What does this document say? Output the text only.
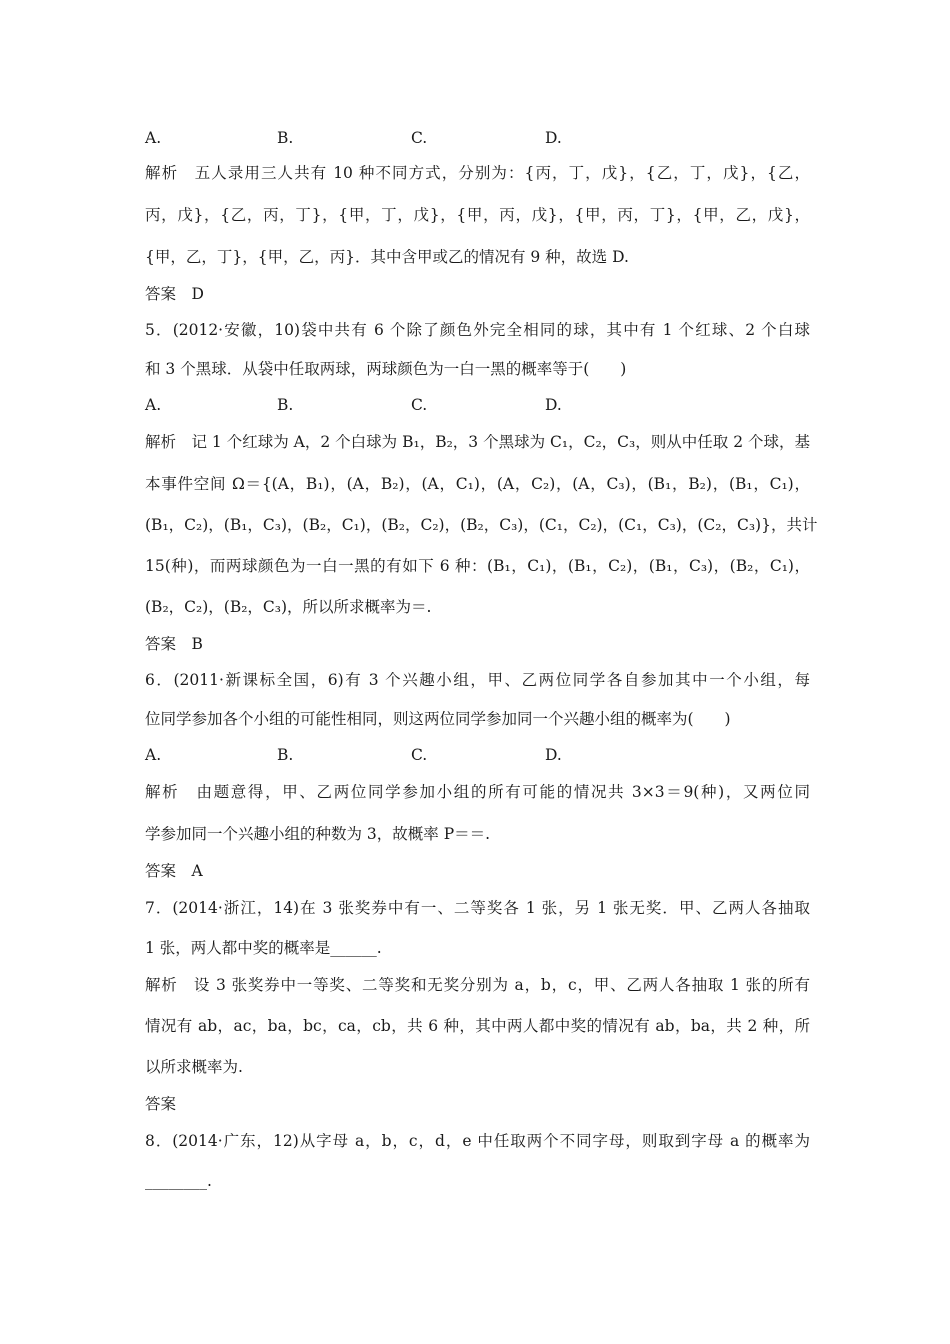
A.	B.	C.	D.
解析　五人录用三人共有 10 种不同方式，分别为：{丙，丁，戊}，{乙，丁，戊}，{乙，
丙，戊}，{乙，丙，丁}，{甲，丁，戊}，{甲，丙，戊}，{甲，丙，丁}，{甲，乙，戊}，
{甲，乙，丁}，{甲，乙，丙}．其中含甲或乙的情况有 9 种，故选 D.
答案　D
5．(2012·安徽，10)袋中共有 6 个除了颜色外完全相同的球，其中有 1 个红球、2 个白球
和 3 个黑球．从袋中任取两球，两球颜色为一白一黑的概率等于(　　)
A.	B.	C.	D.
解析　记 1 个红球为 A，2 个白球为 B₁，B₂，3 个黑球为 C₁，C₂，C₃，则从中任取 2 个球，基
本事件空间 Ω＝{(A，B₁)，(A，B₂)，(A，C₁)，(A，C₂)，(A，C₃)，(B₁，B₂)，(B₁，C₁)，
(B₁，C₂)，(B₁，C₃)，(B₂，C₁)，(B₂，C₂)，(B₂，C₃)，(C₁，C₂)，(C₁，C₃)，(C₂，C₃)}，共计
15(种)，而两球颜色为一白一黑的有如下 6 种：(B₁，C₁)，(B₁，C₂)，(B₁，C₃)，(B₂，C₁)，
(B₂，C₂)，(B₂，C₃)，所以所求概率为＝.
答案　B
6．(2011·新课标全国，6)有 3 个兴趣小组，甲、乙两位同学各自参加其中一个小组，每
位同学参加各个小组的可能性相同，则这两位同学参加同一个兴趣小组的概率为(　　)
A.	B.	C.	D.
解析　由题意得，甲、乙两位同学参加小组的所有可能的情况共 3×3＝9(种)，又两位同
学参加同一个兴趣小组的种数为 3，故概率 P＝＝.
答案　A
7．(2014·浙江，14)在 3 张奖券中有一、二等奖各 1 张，另 1 张无奖．甲、乙两人各抽取
1 张，两人都中奖的概率是______.
解析　设 3 张奖券中一等奖、二等奖和无奖分别为 a，b，c，甲、乙两人各抽取 1 张的所有
情况有 ab，ac，ba，bc，ca，cb，共 6 种，其中两人都中奖的情况有 ab，ba，共 2 种，所
以所求概率为.
答案
8．(2014·广东，12)从字母 a，b，c，d，e 中任取两个不同字母，则取到字母 a 的概率为
________.
